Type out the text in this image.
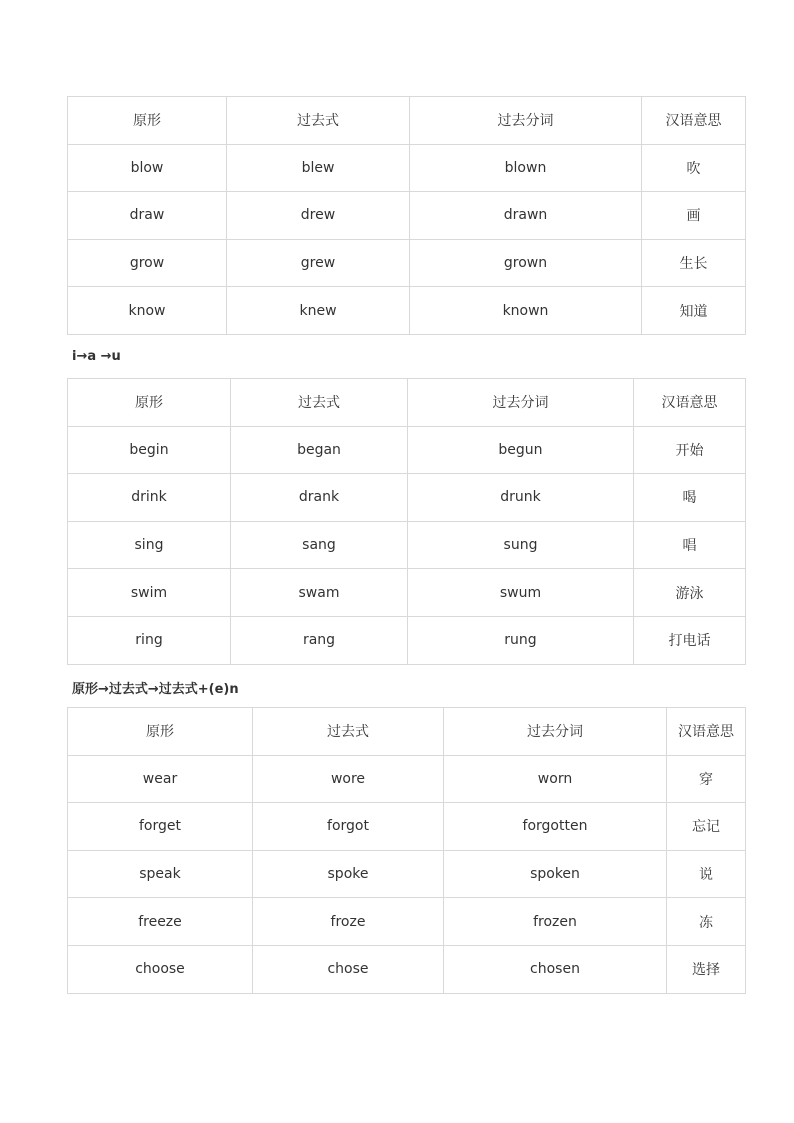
原形	过去式	过去分词	汉语意思
blow	blew	blown	吹
draw	drew	drawn	画
grow	grew	grown	生长
know	knew	known	知道
i→a →u
原形	过去式	过去分词	汉语意思
begin	began	begun	开始
drink	drank	drunk	喝
sing	sang	sung	唱
swim	swam	swum	游泳
ring	rang	rung	打电话
原形→过去式→过去式+(e)n
原形	过去式	过去分词	汉语意思
wear	wore	worn	穿
forget	forgot	forgotten	忘记
speak	spoke	spoken	说
freeze	froze	frozen	冻
choose	chose	chosen	选择
